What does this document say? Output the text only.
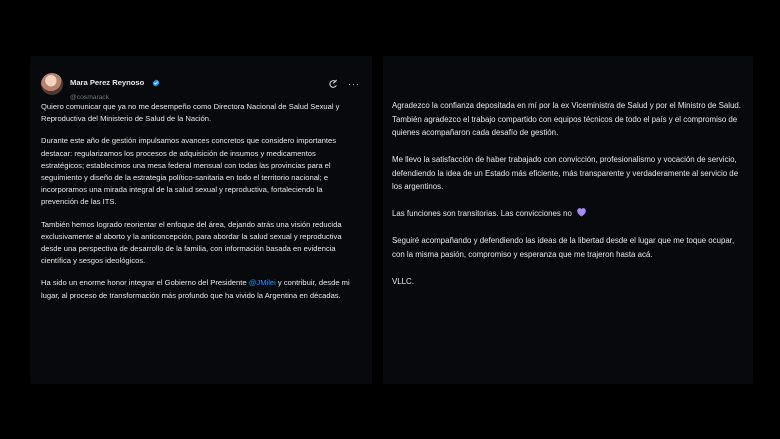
Mara Perez Reynoso
@cosmarack
···

Quiero comunicar que ya no me desempeño como Directora Nacional de Salud Sexual y Reproductiva del Ministerio de Salud de la Nación.

Durante este año de gestión impulsamos avances concretos que considero importantes destacar: regularizamos los procesos de adquisición de insumos y medicamentos estratégicos; establecimos una mesa federal mensual con todas las provincias para el seguimiento y diseño de la estrategia político-sanitaria en todo el territorio nacional; e incorporamos una mirada integral de la salud sexual y reproductiva, fortaleciendo la prevención de las ITS.

También hemos logrado reorientar el enfoque del área, dejando atrás una visión reducida exclusivamente al aborto y la anticoncepción, para abordar la salud sexual y reproductiva desde una perspectiva de desarrollo de la familia, con información basada en evidencia científica y sesgos ideológicos.

Ha sido un enorme honor integrar el Gobierno del Presidente @JMilei y contribuir, desde mi lugar, al proceso de transformación más profundo que ha vivido la Argentina en décadas.

Agradezco la confianza depositada en mí por la ex Viceministra de Salud y por el Ministro de Salud. También agradezco el trabajo compartido con equipos técnicos de todo el país y el compromiso de quienes acompañaron cada desafío de gestión.

Me llevo la satisfacción de haber trabajado con convicción, profesionalismo y vocación de servicio, defendiendo la idea de un Estado más eficiente, más transparente y verdaderamente al servicio de los argentinos.

Las funciones son transitorias. Las convicciones no

Seguiré acompañando y defendiendo las ideas de la libertad desde el lugar que me toque ocupar, con la misma pasión, compromiso y esperanza que me trajeron hasta acá.

VLLC.
